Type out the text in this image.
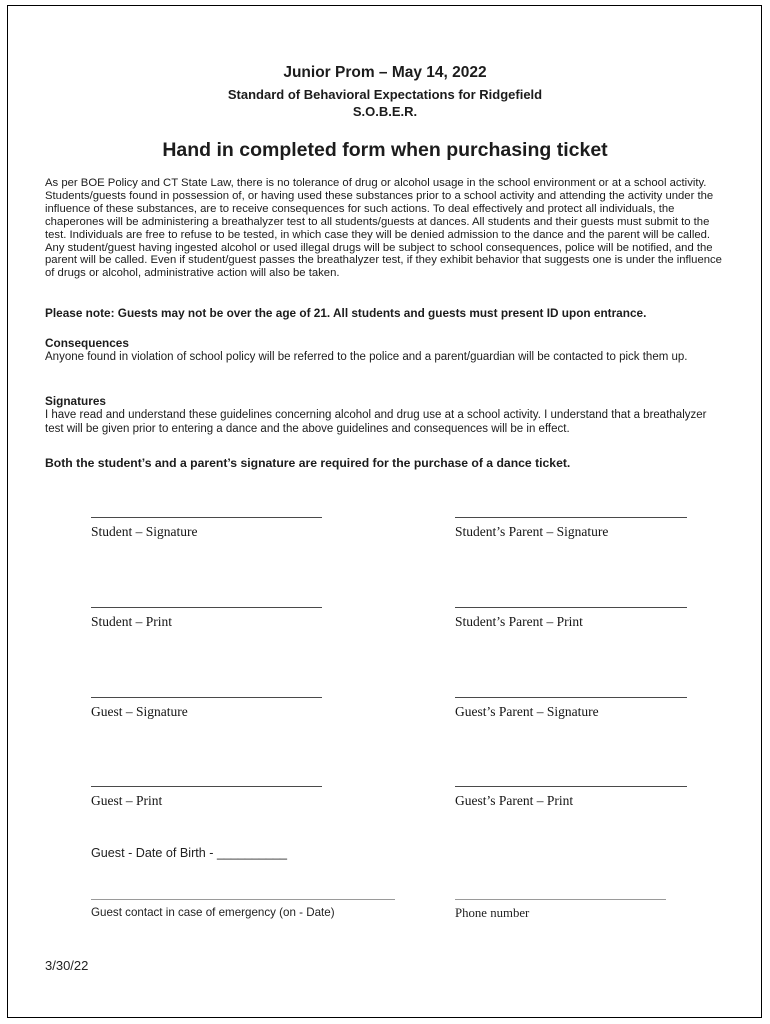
Junior Prom – May 14, 2022
Standard of Behavioral Expectations for Ridgefield
S.O.B.E.R.
Hand in completed form when purchasing ticket
As per BOE Policy and CT State Law, there is no tolerance of drug or alcohol usage in the school environment or at a school activity. Students/guests found in possession of, or having used these substances prior to a school activity and attending the activity under the influence of these substances, are to receive consequences for such actions. To deal effectively and protect all individuals, the chaperones will be administering a breathalyzer test to all students/guests at dances. All students and their guests must submit to the test. Individuals are free to refuse to be tested, in which case they will be denied admission to the dance and the parent will be called. Any student/guest having ingested alcohol or used illegal drugs will be subject to school consequences, police will be notified, and the parent will be called. Even if student/guest passes the breathalyzer test, if they exhibit behavior that suggests one is under the influence of drugs or alcohol, administrative action will also be taken.
Please note: Guests may not be over the age of 21. All students and guests must present ID upon entrance.
Consequences
Anyone found in violation of school policy will be referred to the police and a parent/guardian will be contacted to pick them up.
Signatures
I have read and understand these guidelines concerning alcohol and drug use at a school activity. I understand that a breathalyzer test will be given prior to entering a dance and the above guidelines and consequences will be in effect.
Both the student’s and a parent’s signature are required for the purchase of a dance ticket.
Student – Signature	Student’s Parent – Signature
Student – Print	Student’s Parent – Print
Guest – Signature	Guest’s Parent – Signature
Guest – Print	Guest’s Parent – Print
Guest - Date of Birth - __________
Guest contact in case of emergency (on - Date)	Phone number
3/30/22
